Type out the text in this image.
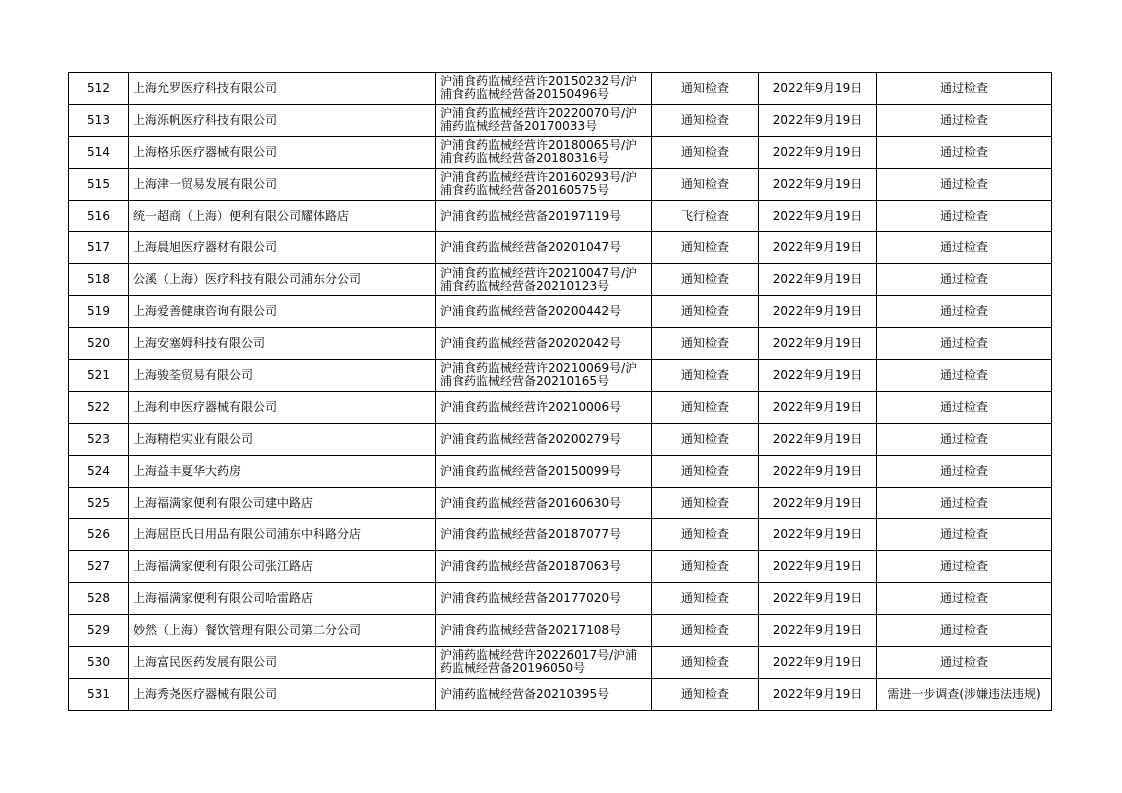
512	上海允罗医疗科技有限公司	沪浦食药监械经营许20150232号/沪浦食药监械经营备20150496号	通知检查	2022年9月19日	通过检查
513	上海泺帆医疗科技有限公司	沪浦食药监械经营许20220070号/沪浦药监械经营备20170033号	通知检查	2022年9月19日	通过检查
514	上海格乐医疗器械有限公司	沪浦食药监械经营许20180065号/沪浦食药监械经营备20180316号	通知检查	2022年9月19日	通过检查
515	上海津一贸易发展有限公司	沪浦食药监械经营许20160293号/沪浦食药监械经营备20160575号	通知检查	2022年9月19日	通过检查
516	统一超商（上海）便利有限公司耀体路店	沪浦食药监械经营备20197119号	飞行检查	2022年9月19日	通过检查
517	上海晨旭医疗器材有限公司	沪浦食药监械经营备20201047号	通知检查	2022年9月19日	通过检查
518	公溪（上海）医疗科技有限公司浦东分公司	沪浦食药监械经营许20210047号/沪浦食药监械经营备20210123号	通知检查	2022年9月19日	通过检查
519	上海爱善健康咨询有限公司	沪浦食药监械经营备20200442号	通知检查	2022年9月19日	通过检查
520	上海安塞姆科技有限公司	沪浦食药监械经营备20202042号	通知检查	2022年9月19日	通过检查
521	上海骏荃贸易有限公司	沪浦食药监械经营许20210069号/沪浦食药监械经营备20210165号	通知检查	2022年9月19日	通过检查
522	上海利申医疗器械有限公司	沪浦食药监械经营许20210006号	通知检查	2022年9月19日	通过检查
523	上海精桤实业有限公司	沪浦食药监械经营备20200279号	通知检查	2022年9月19日	通过检查
524	上海益丰夏华大药房	沪浦食药监械经营备20150099号	通知检查	2022年9月19日	通过检查
525	上海福满家便利有限公司建中路店	沪浦食药监械经营备20160630号	通知检查	2022年9月19日	通过检查
526	上海屈臣氏日用品有限公司浦东中科路分店	沪浦食药监械经营备20187077号	通知检查	2022年9月19日	通过检查
527	上海福满家便利有限公司张江路店	沪浦食药监械经营备20187063号	通知检查	2022年9月19日	通过检查
528	上海福满家便利有限公司哈雷路店	沪浦食药监械经营备20177020号	通知检查	2022年9月19日	通过检查
529	妙然（上海）餐饮管理有限公司第二分公司	沪浦食药监械经营备20217108号	通知检查	2022年9月19日	通过检查
530	上海富民医药发展有限公司	沪浦药监械经营许20226017号/沪浦药监械经营备20196050号	通知检查	2022年9月19日	通过检查
531	上海秀尧医疗器械有限公司	沪浦药监械经营备20210395号	通知检查	2022年9月19日	需进一步调查(涉嫌违法违规)
